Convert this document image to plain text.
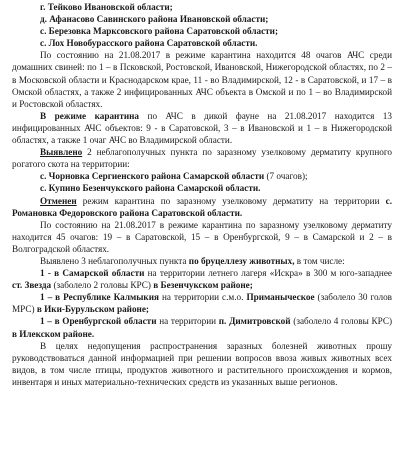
г. Тейково Ивановской области;

д. Афанасово Савинского района Ивановской области;

с. Березовка Марксовского района Саратовской области;

с. Лох Новобурасского района Саратовской области.

По состоянию на 21.08.2017 в режиме карантина находится 48 очагов АЧС среди домашних свиней: по 1 – в Псковской, Ростовской, Ивановской, Нижегородской областях, по 2 – в Московской области и Краснодарском крае, 11 - во Владимирской, 12 - в Саратовской, и 17 – в Омской областях, а также 2 инфицированных АЧС объекта в Омской и по 1 – во Владимирской и Ростовской областях.

В режиме карантина по АЧС в дикой фауне на 21.08.2017 находится 13 инфицированных АЧС объектов: 9 - в Саратовской, 3 – в Ивановской и 1 – в Нижегородской областях, а также 1 очаг АЧС во Владимирской области.

Выявлено 2 неблагополучных пункта по заразному узелковому дерматиту крупного рогатого скота на территории:

с. Чорновка Сергиенского района Самарской области (7 очагов);

с. Купино Безенчукского района Самарской области.

Отменен режим карантина по заразному узелковому дерматиту на территории с. Романовка Федоровского района Саратовской области.

По состоянию на 21.08.2017 в режиме карантина по заразному узелковому дерматиту находится 45 очагов: 19 – в Саратовской, 15 – в Оренбургской, 9 – в Самарской и 2 – в Волгоградской областях.

Выявлено 3 неблагополучных пункта по бруцеллезу животных, в том числе:

1 - в Самарской области на территории летнего лагеря «Искра» в 300 м юго-западнее ст. Звезда (заболело 2 головы КРС) в Безенчукском районе;

1 – в Республике Калмыкия на территории с.м.о. Приманыческое (заболело 30 голов МРС) в Ики-Бурульском районе;

1 – в Оренбургской области на территории п. Димитровской (заболело 4 головы КРС) в Илекском районе.

В целях недопущения распространения заразных болезней животных прошу руководствоваться данной информацией при решении вопросов ввоза живых животных всех видов, в том числе птицы, продуктов животного и растительного происхождения и кормов, инвентаря и иных материально-технических средств из указанных выше регионов.
